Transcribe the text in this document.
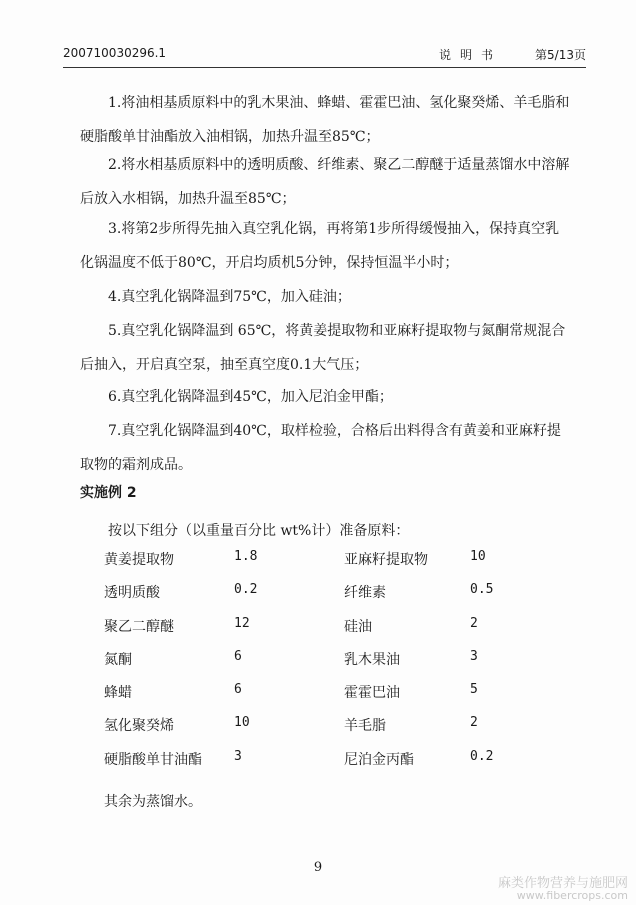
200710030296.1	说明书	第5/13页

1.将油相基质原料中的乳木果油、蜂蜡、霍霍巴油、氢化聚癸烯、羊毛脂和硬脂酸单甘油酯放入油相锅，加热升温至85℃；

2.将水相基质原料中的透明质酸、纤维素、聚乙二醇醚于适量蒸馏水中溶解后放入水相锅，加热升温至85℃；

3.将第2步所得先抽入真空乳化锅，再将第1步所得缓慢抽入，保持真空乳化锅温度不低于80℃，开启均质机5分钟，保持恒温半小时；

4.真空乳化锅降温到75℃，加入硅油；

5.真空乳化锅降温到 65℃，将黄姜提取物和亚麻籽提取物与氮酮常规混合后抽入，开启真空泵，抽至真空度0.1大气压；

6.真空乳化锅降温到45℃，加入尼泊金甲酯；

7.真空乳化锅降温到40℃，取样检验，合格后出料得含有黄姜和亚麻籽提取物的霜剂成品。

实施例 2

按以下组分（以重量百分比 wt%计）准备原料：

黄姜提取物	1.8	亚麻籽提取物	10
透明质酸	0.2	纤维素	0.5
聚乙二醇醚	12	硅油	2
氮酮	6	乳木果油	3
蜂蜡	6	霍霍巴油	5
氢化聚癸烯	10	羊毛脂	2
硬脂酸单甘油酯 3	尼泊金丙酯	0.2

其余为蒸馏水。

9
麻类作物营养与施肥网
www.fibercrops.com
